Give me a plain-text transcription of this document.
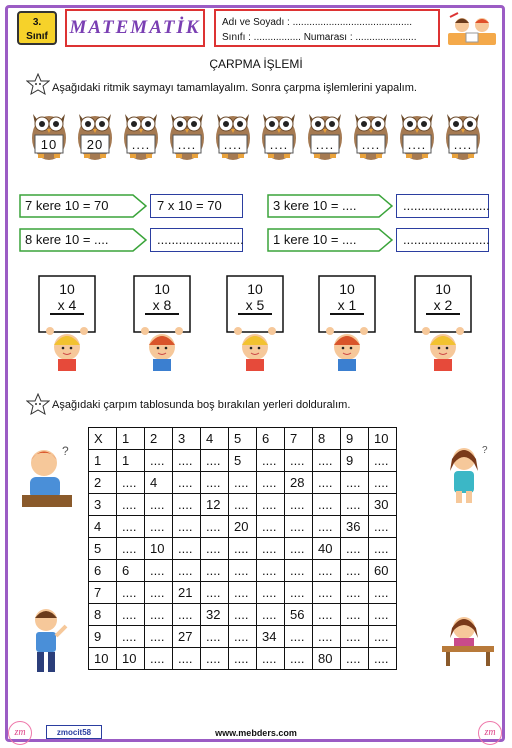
3.
Sınıf	MATEMATİK Adı ve Soyadı : ...........................................
Sınıfı : ................. Numarası : ......................
ÇARPMA İŞLEMİ
Aşağıdaki ritmik saymayı tamamlayalım. Sonra çarpma işlemlerini yapalım.
10	20	....	....	....	....	....	....	....	....
7 kere 10 = 70	7 x 10 = 70	3 kere 10 = ....	........................
8 kere 10 = ....	........................ 1 kere 10 = ....	........................
10
x 4
10
x 8
10
x 5
10
x 1
10
x 2
Aşağıdaki çarpım tablosunda boş bırakılan yerleri dolduralım.
X	1	2	3	4	5	6	7	8	9	10
1	1	....	....	....	5	....	....	....	9	....
2	....	4	....	....	....	....	28	....	....	....
3	....	....	....	12	....	....	....	....	....	30
4	....	....	....	....	20	....	....	....	36	....
5	....	10	....	....	....	....	....	40	....	....
6	6	....	....	....	....	....	....	....	....	60
7	....	....	21	....	....	....	....	....	....	....
8	....	....	....	32	....	....	56	....	....	....
9	....	....	27	....	....	34	....	....	....	....
10	10	....	....	....	....	....	....	80	....	....
?	?
zm	zmocit58	www.mebders.com	zm
